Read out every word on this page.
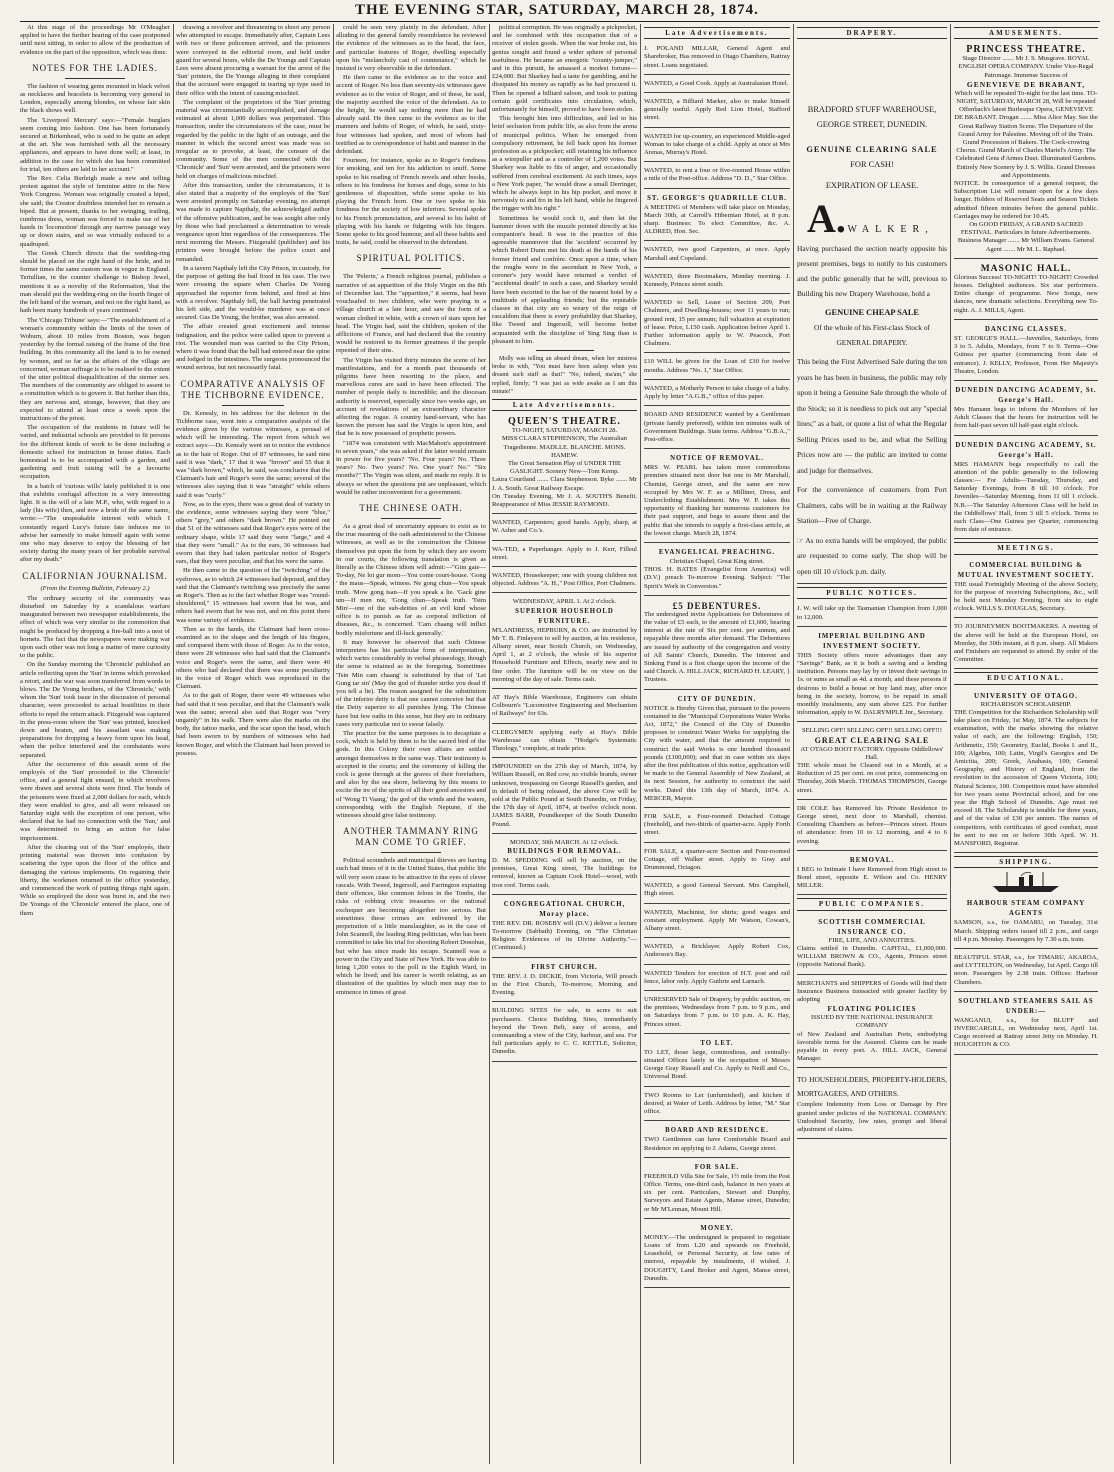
THE EVENING STAR, SATURDAY, MARCH 28, 1874.

At this stage of the proceedings Mr O'Meagher applied to have the further hearing of the case postponed until next sitting, in order to allow of the production of evidence on the part of the opposition, which was done.

NOTES FOR THE LADIES.

The fashion of wearing gems mounted in black velvet as necklaces and bracelets is becoming very general in London, especially among blondes, on whose fair skin the black shows well.

The 'Liverpool Mercury' says:—"Female burglars seem coming into fashion. One has been fortunately secured at Birkenhead, who is said to be quite an adept at the art. She was furnished with all the necessary appliances, and appears to have done well; at least, in addition to the case for which she has been committed for trial, ten others are laid to her account."

The Rev. Celia Burleigh made a new and telling protest against the style of feminine attire in the New York Congress. Woman was originally created a biped, she said; the Creator doubtless intended her to remain a biped. But at present, thanks to her swinging, trailing, cumbrous dress, woman was forced to make use of her hands in 'locomotion' through any narrow passage way up or down stairs, and so was virtually reduced to a quadruped.

The Greek Church directs that the wedding-ring should be placed on the right hand of the bride, and in former times the same custom was in vogue in England. Tertullian, in the counter challenge to Bishop Jewel, mentions it as a novelty of the Reformation, 'that the man should put the wedding-ring on the fourth finger of the left hand of the woman, and not on the right hand, as hath been many hundreds of years continued.'

The 'Chicago Tribune' says:—"The establishment of a woman's community within the limits of the town of Woburn, about 10 miles from Boston, was begun yesterday by the formal raising of the frame of the first building. In this community all the land is to be owned by women, and so far as the affairs of the village are concerned, woman suffrage is to be realised to the extent of the utter political disqualification of the sterner sex. The members of the community are obliged to assent to a constitution which is to govern it. But further than this, they are nervous and, strange, however, that they are expected to attend at least once a week upon the instructions of the priest.

The occupation of the residents in future will be varied, and industrial schools are provided to fit persons for the different kinds of work to be done including a domestic school for instruction in house duties. Each homestead is to be accompanied with a garden, and gardening and fruit raising will be a favourite occupation.

In a batch of 'curious wills' lately published it is one that exhibits confugal affection in a very interesting light. It is the will of a late M.P., who, with regard to a lady (his wife) then, and now a bride of the same name, wrote:—"The unspeakable interest with which I constantly regard Lucy's future fate induces me to advise her earnestly to make himself again with some one who may deserve to enjoy the blessing of her society during the many years of her probable survival after my death."

CALIFORNIAN JOURNALISM.
(From the Evening Bulletin, February 2.)

The ordinary security of the community was disturbed on Saturday by a scandalous warfare inaugurated between two newspaper establishments, the effect of which was very similar to the commotion that might be produced by dropping a fire-ball into a nest of hornets. The fact that the newspapers were making war upon each other was not long a matter of mere curiosity to the public.

On the Sunday morning the 'Chronicle' published an article reflecting upon the 'Sun' in terms which provoked a retort, and the war was soon transferred from words to blows. The De Young brothers, of the 'Chronicle,' with whom the 'Sun' took issue in the discussion of personal character, were proceeded to actual hostilities in their efforts to repel the return attack. Fitzgerald was captured in the press-room where the 'Sun' was printed, knocked down and beaten, and his assailant was making preparations for dropping a heavy form upon his head, when the police interfered and the combatants were separated.

After the occurrence of this assault some of the employés of the 'Sun' proceeded to the 'Chronicle' office, and a general fight ensued, in which revolvers were drawn and several shots were fired. The bonds of the prisoners were fixed at 2,000 dollars for each, which they were enabled to give, and all were released on Saturday night with the exception of one person, who declared that he had no connection with the 'Sun,' and was determined to bring an action for false imprisonment.

After the clearing out of the 'Sun' employés, their printing material was thrown into confusion by scattering the type upon the floor of the office and damaging the various implements. On regaining their liberty, the workmen returned to the office yesterday, and commenced the work of putting things right again. While so employed the door was burst in, and the two De Youngs of the 'Chronicle' entered the place, one of them

drawing a revolver and threatening to shoot any person who attempted to escape. Immediately after, Captain Lees with two or three policemen arrived, and the prisoners were conveyed in the editorial room, and held under guard for several hours, while the De Youngs and Captain Lees were absent procuring a warrant for the arrest of the 'Sun' printers, the De Youngs alleging in their complaint that the accused were engaged in tearing up type used in their office with the intent of causing mischief.

The complaint of the proprietors of the 'Sun' printing material was circumstantially accomplished, and damage estimated at about 1,000 dollars was perpetrated. This transaction, under the circumstances of the case, must be regarded by the public in the light of an outrage, and the manner in which the second arrest was made was so irregular as to provoke, at least, the censure of the community. Some of the men connected with the 'Chronicle' and 'Sun' were arrested, and the prisoners were held on charges of malicious mischief.

After this transaction, under the circumstances, it is also stated that a majority of the employés of the 'Sun' were arrested promptly on Saturday evening, no attempt was made to capture Napthaly, the acknowledged author of the offensive publication, and he was sought after only by those who had proclaimed a determination to wreak vengeance upon him regardless of the consequences. The next morning the Messrs. Fitzgerald (publisher) and his printers were brought before the police court and remanded.

In a tavern Napthaly left the City Prison, in custody, for the purpose of getting the bail fixed in his case. The two were crossing the square when Charles De Young approached the reporter from behind, and fired at him with a revolver. Napthaly fell, the ball having penetrated his left side, and the would-be murderer was at once secured. Gus De Young, the brother, was also arrested.

The affair created great excitement and intense indignation, and the police were called upon to prevent a riot. The wounded man was carried to the City Prison, where it was found that the ball had entered near the spine and lodged in the intestines. The surgeons pronounced the wound serious, but not necessarily fatal.

COMPARATIVE ANALYSIS OF THE TICHBORNE EVIDENCE.

Dr. Kenealy, in his address for the defence in the Tichborne case, went into a comparative analysis of the evidence given by the various witnesses, a perusal of which will be interesting. The report from which we extract says:—Dr. Kenealy went on to notice the evidence as to the hair of Roger. Out of 87 witnesses, he said nine said it was "dark," 17 that it was "brown" and 55 that it was "dark brown," which, he said, was conclusive that the Claimant's hair and Roger's were the same; several of the witnesses also saying that it was "straight" while others said it was "curly."

Now, as to the eyes, there was a great deal of variety in the evidence, some witnesses saying they were "blue," others "grey," and others "dark brown." He pointed out that 51 of the witnesses said that Roger's eyes were of the ordinary shape, while 17 said they were "large," and 4 that they were "small." As to the ears, 36 witnesses had sworn that they had taken particular notice of Roger's ears, that they were peculiar, and that his were the same.

He then came to the question of the "twitching" of the eyebrows, as to which 24 witnesses had deposed, and they said that the Claimant's twitching was precisely the same as Roger's. Then as to the fact whether Roger was "round-shouldered," 15 witnesses had sworn that he was, and others had sworn that he was not, and on this point there was some variety of evidence.

Then as to the hands, the Claimant had been cross-examined as to the shape and the length of his fingers, and compared them with those of Roger. As to the voice, there were 28 witnesses who had said that the Claimant's voice and Roger's were the same, and there were 40 others who had declared that there was some peculiarity in the voice of Roger which was reproduced in the Claimant.

As to the gait of Roger, there were 49 witnesses who had said that it was peculiar, and that the Claimant's walk was the same; several also said that Roger was "very ungainly" in his walk. There were also the marks on the body, the tattoo marks, and the scar upon the head, which had been sworn to by numbers of witnesses who had known Roger, and which the Claimant had been proved to possess.

could be seen very plainly in the defendant. After alluding to the general family resemblance he reviewed the evidence of the witnesses as to the head, the face, and particular features of Roger, dwelling especially upon his "melancholy cast of countenance," which he insisted is very observable in the defendant.

He then came to the evidence as to the voice and accent of Roger. No less than seventy-six witnesses gave evidence as to the voice of Roger, and of these, he said, the majority ascribed the voice of the defendant. As to the height, he would say nothing more than he had already said. He then came to the evidence as to the manners and habits of Roger, of which, he said, sixty-four witnesses had spoken, and most of whom had testified as to correspondence of habit and manner in the defendant.

Fourteen, for instance, spoke as to Roger's fondness for smoking, and ten for his addiction to snuff. Some spoke to his reading of French novels and other books, others to his fondness for horses and dogs, some to his gentleness of disposition, while some spoke to his playing the French horn. One or two spoke to his fondness for the society of low inferiors. Several spoke to his French pronunciation, and several to his habit of playing with his hands or fidgeting with his fingers. Some spoke to his good humour, and all these habits and traits, he said, could be observed in the defendant.

SPIRITUAL POLITICS.

The 'Pelerin,' a French religious journal, publishes a narrative of an apparition of the Holy Virgin on the 8th of December last. The "apparition," it seems, had been vouchsafed to two children, who were praying in a village church at a late hour, and saw the form of a woman clothed in white, with a crown of stars upon her head. The Virgin had, said the children, spoken of the afflictions of France, and had declared that the country would be restored to its former greatness if the people repented of their sins.

The Virgin has visited thirty minutes the scene of her manifestations, and for a month past thousands of pilgrims have been resorting to the place, and marvellous cures are said to have been effected. The number of people daily is incredible; and the diocesan authority is reserved, especially since two weeks ago, an account of revelations of an extraordinary character affecting the rogue. A country hand-servant, who has known the person has said the Virgin is upon him, and that he is now possessed of prophetic powers.

"1874 was consistent with MacMahon's appointment to seven years," she was asked if the latter would remain in power for five years? "No. Four years? No. Three years? No. Two years? No. One year? No." "Six months?" The Virgin was silent, and made no reply. It is always so when the questions put are unpleasant, which would be rather inconvenient for a government.

THE CHINESE OATH.

As a great deal of uncertainty appears to exist as to the true meaning of the oath administered to the Chinese witnesses, as well as to the construction the Chinese themselves put upon the form by which they are sworn in our courts, the following translation is given as literally as the Chinese idiom will admit:—"Gim gaie—To-day, Ne loi gur mom—You come court-house. 'Gong ' the maus—Speak, witness. Ne gong chun—You speak truth. 'Mow gong tsan—If you speak a lie. 'Gack gine um—If men not, 'Gong chun—Speak truth. 'Tsim Min'—one of the sub-deities of an evil kind whose office is to punish as far as corporal infliction of diseases, &c., is concerned. 'Cam chaang will inflict bodily misfortune and ill-luck generally.'

It may however be observed that such Chinese interpreters has his particular form of interpretation, which varies considerably in verbal phraseology, though the sense is retained as in the foregoing. Sometimes 'Tsin Min cam chaang' is substituted by that of 'Lei Gung tar sin' (May the god of thunder strike you dead if you tell a lie). The reason assigned for the substitution of the inferior deity is that one cannot conceive but that the Deity superior to all punishes lying. The Chinese have but few oaths in this sense, but they are in ordinary cases very particular not to swear falsely.

The practice for the same purposes is to decapitate a cock, which is held by them to be the sacred bird of the gods. In this Colony their own affairs are settled amongst themselves in the same way. Their testimony is accepted in the courts; and the ceremony of killing the cock is gone through at the graves of their forefathers, and also by the sea shore, believing by this means to excite the ire of the spirits of all their good ancestors and of 'Wong Ti Vaang,' the god of the winds and the waters, corresponding with the English Neptune, if the witnesses should give false testimony.

ANOTHER TAMMANY RING MAN COME TO GRIEF.

Political scoundrels and municipal thieves are having such bad times of it in the United States, that public life will very soon cease to be attractive in the eyes of clever rascals. With Tweed, Ingersoll, and Farrington expiating their offences, like common felons in the Tombs, the risks of robbing civic treasuries or the national exchequer are becoming altogether too serious. But sometimes these crimes are enlivened by the perpetration of a little manslaughter, as in the case of John Scannell, the leading Ring politician, who has been committed to take his trial for shooting Robert Donohue, but who has since made his escape. Scannell was a power in the City and State of New York. He was able to bring 1,200 votes to the poll in the Eighth Ward, in which he lived; and his career is worth relating, as an illustration of the qualities by which men may rise to eminence in times of great

political corruption. He was originally a pickpocket, and he combined with this occupation that of a receiver of stolen goods. When the war broke out, his genius sought and found a wider sphere of personal usefulness. He became an energetic "county-jumper," and in this pursuit, he amassed a modest fortune—£24,000. But Sharkey had a taste for gambling, and he dissipated his money as rapidly as he had procured it. Then he opened a billiard saloon, and took to putting certain gold certificates into circulation, which, unfortunately for himself, proved to have been stolen.

This brought him into difficulties, and led to his brief seclusion from public life, as also from the arena of municipal politics. When he emerged from compulsory retirement, he fell back upon his former profession as a pickpocket; still retaining his influence as a wirepuller and as a controller of 1,200 votes. But Sharkey was liable to fits of anger, and occasionally suffered from cerebral excitement. At such times, says a New York paper, "he would draw a small Derringer, which he always kept in his hip pocket, and move it nervously to and fro in his left hand, while he fingered the trigger with his right."

Sometimes he would cock it, and then let the hammer down with the muzzle pointed directly at his companion's head. It was in the practice of this agreeable manœuvre that the 'accident' occurred by which Robert Dunn met his death at the hands of his former friend and confrère. Once upon a time, when the roughs were in the ascendant in New York, a coroner's jury would have returned a verdict of "accidental death" in such a case, and Sharkey would have been escorted to the bar of the nearest hotel by a multitude of applauding friends; but the reputable classes in that city are so weary of the reign of rascaldom that there is every probability that Sharkey, like Tweed and Ingersoll, will become better acquainted with the discipline of Sing Sing than is pleasant to him.

Molly was telling an absurd dream, when her mistress broke in with, "You must have been asleep when you dreamt such stuff as that!" "No, indeed, ma'am," she replied, firmly; "I was just as wide awake as I am this minute!"

Late Advertisements.
QUEEN'S THEATRE.
TO-NIGHT, SATURDAY, MARCH 28.
MISS CLARA STEPHENSON, The Australian Tragedienne. MADLLE. BLANCHE. MONS. HAMEW.
The Great Sensation Play of UNDER THE GASLIGHT. Scenery New—Tom Kemp.
Laura Courtland ....... Clara Stephenson. Byke ....... Mr J. A. South. Great Railway Escape.
On Tuesday Evening, Mr J. A. SOUTH'S Benefit. Reappearance of Miss JESSIE RAYMOND.
WANTED, Carpenters; good hands. Apply, sharp, at W. Asher and Co.'s.
WA-TED, a Paperhanger. Apply to J. Kerr, Filleul street.
WANTED, Housekeeper; one with young children not objected. Address "A. H.," Post Office, Port Chalmers.
WEDNESDAY, APRIL 1. At 2 o'clock.
SUPERIOR HOUSEHOLD FURNITURE.
M'LANDRESS, HEPBURN, & CO. are instructed by Mr T. B. Finlayson to sell by auction, at his residence, Albany street, near Scotch Church, on Wednesday, April 1, at 2 o'clock, the whole of his superior Household Furniture and Effects, nearly new and in fine order. The furniture will be on view on the morning of the day of sale. Terms cash.
AT Hay's Bible Warehouse, Engineers can obtain Colbourn's "Locomotive Engineering and Mechanism of Railways" for 63s.
CLERGYMEN applying early at Hay's Bible Warehouse can obtain "Hodge's Systematic Theology," complete, at trade price.
IMPOUNDED on the 27th day of March, 1874, by William Russell, on Red cow, no visible brands, owner unknown, trespassing on George Russell's garden, and in default of being released, the above Cow will be sold at the Public Pound at South Dunedin, on Friday, the 17th day of April, 1874, at twelve o'clock noon. JAMES BARR, Poundkeeper of the South Dunedin Pound.
MONDAY, 30th MARCH. At 12 o'clock.
BUILDINGS FOR REMOVAL.
D. M. SPEDDING will sell by auction, on the premises, Great King street, The buildings for removal, known as Captain Cook Hotel—wood, with iron roof. Terms cash.
CONGREGATIONAL CHURCH, Moray place.
THE REV. DR. ROSEBY will (D.V.) deliver a lecture To-morrow (Sabbath) Evening, on "The Christian Religion: Evidences of its Divine Authority."—(Continued.)
FIRST CHURCH.
THE REV. J. D. DICKIE, from Victoria, Will preach in the First Church, To-morrow, Morning and Evening.
BUILDING SITES for sale, in acres to suit purchasers. Choice Building Sites, immediately beyond the Town Belt, easy of access, and commanding a view of the City, harbour, and sea. For full particulars apply to C. C. KETTLE, Solicitor, Dunedin.
Late Advertisements.
J. POLAND MILLAR, General Agent and Sharebroker, Has removed to Otago Chambers, Rattray street. Loans negotiated.
WANTED, a Good Cook. Apply at Australasian Hotel.
WANTED, a Billiard Marker, also to make himself generally useful. Apply Red Lion Hotel, Stafford street.
WANTED for up-country, an experienced Middle-aged Woman to take charge of a child. Apply at once at Mrs Arenas, Murray's Hotel.
WANTED, to rent a four or five-roomed House within a mile of the Post-office. Address "D. D.," Star Office.
ST. GEORGE'S QUADRILLE CLUB.
A MEETING of Members will take place on Monday, March 30th, at Carroll's Hibernian Hotel, at 8 p.m. sharp. Business: To elect Committee, &c. A. ALDRED, Hon. Sec.
WANTED, two good Carpenters, at once. Apply Marshall and Copeland.
WANTED, three Bootmakers, Monday morning. J. Kennedy, Princes street south.
WANTED to Sell, Lease of Section 209, Port Chalmers, and Dwelling-houses; over 11 years to run; ground rent, 15 per annum; full valuation at expiration of lease. Price, L150 cash. Application before April 1. Further information apply to W. Peacock, Port Chalmers.
£10 WILL be given for the Loan of £30 for twelve months. Address "No. 1," Star Office.
WANTED, a Motherly Person to take charge of a baby. Apply by letter "A.G.B.," office of this paper.
BOARD AND RESIDENCE wanted by a Gentleman (private family preferred), within ten minutes walk of Government Buildings. State terms. Address "G.B.A.," Post-office.
NOTICE OF REMOVAL.
MRS W. PEARL has taken more commodious premises situated next door but one to Mr Marshall, Chemist, George street, and the same are now occupied by Mrs W. F. as a Milliner, Dress, and Underclothing Establishment. Mrs W. P. takes this opportunity of thanking her numerous customers for their past support, and begs to assure them and the public that she intends to supply a first-class article, at the lowest charge. March 28, 1874.
EVANGELICAL PREACHING.
Christian Chapel, Great King street.
THOS. H. BATES (Evangelist from America) will (D.V.) preach To-morrow Evening. Subject: "The Spirit's Work in Conversion."
£5 DEBENTURES.
The undersigned invite Applications for Debentures of the value of £5 each, to the amount of £1,600, bearing interest at the rate of Six per cent. per annum, and repayable three months after demand. The Debentures are issued by authority of the congregation and vestry of All Saints' Church, Dunedin. The Interest and Sinking Fund is a first charge upon the income of the said Church. A. HILL JACK, RICHARD H. LEARY, } Trustees.
CITY OF DUNEDIN.
NOTICE is Hereby Given that, pursuant to the powers contained in the "Municipal Corporations Water Works Act, 1872," the Council of the City of Dunedin proposes to construct Water Works for supplying the City with water, and that the amount required to construct the said Works is one hundred thousand pounds (£100,000); and that in case within six days after the first publication of this notice, application will be made to the General Assembly of New Zealand, at its next Session, for authority to construct the said works. Dated this 13th day of March, 1874. A. MERCER, Mayor.
FOR SALE, a Four-roomed Detached Cottage (freehold), and two-thirds of quarter-acre. Apply Forth street.
FOR SALE, a quarter-acre Section and Four-roomed Cottage, off Walker street. Apply to Gray and Drummond, Octagon.
WANTED, a good General Servant. Mrs Campbell, High street.
WANTED, Machinist, for shirts; good wages and constant employment. Apply Mr Watson, Cowan's, Albany street.
WANTED, a Bricklayer. Apply Robert Cox, Anderson's Bay.
WANTED Tenders for erection of H.T. post and rail fence, labor only. Apply Guthrie and Larnach.
UNRESERVED Sale of Drapery, by public auction, on the premises, Wednesdays from 7 p.m. to 9 p.m., and on Saturdays from 7 p.m. to 10 p.m. A. K. Hay, Princes street.
TO LET.
TO LET, those large, commodious, and centrally-situated Offices lately in the occupation of Messrs George Gray Russell and Co. Apply to Neill and Co., Universal Bond.
TWO Rooms to Let (unfurnished), and kitchen if desired, at Water of Leith. Address by letter, "M." Star office.
BOARD AND RESIDENCE.
TWO Gentlemen can have Comfortable Board and Residence on applying to J. Adams, George street.
FOR SALE.
FREEHOLD Villa Site for Sale, 1½ mile from the Post Office. Terms, one-third cash, balance in two years at six per cent. Particulars, Stewart and Dunphy, Surveyors and Estate Agents, Manse street, Dunedin; or Mr M'Lennan, Mount Hill.
MONEY.
MONEY.—The undersigned is prepared to negotiate Loans of from L20 and upwards on Freehold, Leasehold, or Personal Security, at low rates of interest, repayable by instalments, if wished. J. DOUGHTY, Land Broker and Agent, Manse street, Dunedin.
DRAPERY.
BRADFORD STUFF WAREHOUSE,
GEORGE STREET, DUNEDIN.
GENUINE CLEARING SALE
FOR CASH!
EXPIRATION OF LEASE.
A. WALKER,
Having purchased the section nearly opposite his present premises, begs to notify to his customers and the public generally that he will, previous to Building his new Drapery Warehouse, hold a
GENUINE CHEAP SALE
Of the whole of his First-class Stock of GENERAL DRAPERY.
This being the First Advertised Sale during the ten years he has been in business, the public may rely upon it being a Genuine Sale through the whole of the Stock; so it is needless to pick out any "special lines;" as a bait, or quote a list of what the Regular Selling Prices used to be, and what the Selling Prices now are — the public are invited to come and judge for themselves.
For the convenience of customers from Port Chalmers, cabs will be in waiting at the Railway Station—Free of Charge.
☞ As no extra hands will be employed, the public are requested to come early. The shop will be open till 10 o'clock p.m. daily.
PUBLIC NOTICES.
J. W. will take up the Tasmanian Champion from 1,000 to 12,000.
IMPERIAL BUILDING AND INVESTMENT SOCIETY.
THIS Society offers more advantages than any "Savings" Bank, as it is both a saving and a lending institution. Persons may lay by or invest their savings in 1s. or sums as small as 4d. a month, and these persons if desirous to build a house or buy land may, after once being in the society, borrow, to be repaid in small monthly instalments, any sum above £25. For further information, apply to W. DALRYMPLE Jnr., Secretary.
SELLING OFF! SELLING OFF!! SELLING OFF!!!
GREAT CLEARING SALE
AT OTAGO BOOT FACTORY. Opposite Oddfellows' Hall.
THE whole must be Cleared out in a Month, at a Reduction of 25 per cent. on cost price, commencing on Thursday, 26th March. THOMAS THOMPSON, George street.
DR COLE has Removed his Private Residence to George street, next door to Marshall, chemist. Consulting Chambers as before—Princes street. Hours of attendance: from 10 to 12 morning, and 4 to 6 evening.
REMOVAL.
I BEG to Intimate I have Removed from High street to Bond street, opposite E. Wilson and Co. HENRY MILLER.
PUBLIC COMPANIES.
SCOTTISH COMMERCIAL INSURANCE CO.
FIRE, LIFE, AND ANNUITIES.
Claims settled in Dunedin. CAPITAL, £1,000,000. WILLIAM BROWN & CO., Agents, Princes street (opposite National Bank).
MERCHANTS and SHIPPERS of Goods will find their Insurance Business transacted with greater facility by adopting
FLOATING POLICIES
ISSUED BY THE NATIONAL INSURANCE COMPANY
of New Zealand and Australian Ports, embodying favorable terms for the Assured. Claims can be made payable in every port. A. HILL JACK, General Manager.
TO HOUSEHOLDERS, PROPERTY-HOLDERS, MORTGAGEES, AND OTHERS.
Complete Indemnity from Loss or Damage by Fire granted under policies of the NATIONAL COMPANY. Undoubted Security, low rates, prompt and liberal adjustment of claims.
AMUSEMENTS.
PRINCESS THEATRE.
Stage Director ....... Mr J. S. Musgrave. ROYAL ENGLISH OPERA COMPANY. Under Vice-Regal Patronage. Immense Success of
GENEVIEVE DE BRABANT,
Which will be repeated To-night for the last time. TO-NIGHT, SATURDAY, MARCH 28, Will be repeated Offenbach's latest Burlesque Opera, GENEVIEVE DE BRABANT. Drogan ....... Miss Alice May. See the Great Railway Station Scene. The Departure of the Grand Army for Palestine. Moving off of the Train. Grand Procession of Bakers. The Cock-crowing Chorus. Grand March of Charles Martel's Army. The Celebrated Gens d'Armes Duet. Illuminated Gardens. Entirely New Scenery by J. S. Willis. Grand Dresses and Appointments.
NOTICE. In consequence of a general request, the Subscription List will remain open for a few days longer. Holders of Reserved Seats and Season Tickets admitted fifteen minutes before the general public. Carriages may be ordered for 10.45.
On GOOD FRIDAY, A GRAND SACRED FESTIVAL. Particulars in future Advertisements. Business Manager ....... Mr William Evans. General Agent ....... Mr M. L. Raphael.
MASONIC HALL.
Glorious Success! TO-NIGHT! TO-NIGHT! Crowded houses. Delighted audiences. Six star performers. Entire change of programme. New Songs, new dances, new dramatic selections. Everything new To-night. A. J. MILLS, Agent.
DANCING CLASSES.
ST. GEORGE'S HALL.—Juveniles, Saturdays, from 3 to 5. Adults, Mondays, from 7 to 9. Terms—One Guinea per quarter (commencing from date of entrance). J. KELLY, Professor, From Her Majesty's Theatre, London.
DUNEDIN DANCING ACADEMY, St. George's Hall.
Mrs Hamann begs to inform the Members of her Adult Classes that the hours for instruction will be from half-past seven till half-past eight o'clock.
DUNEDIN DANCING ACADEMY, St. George's Hall.
MRS HAMANN begs respectfully to call the attention of the public generally to the following classes:— For Adults—Tuesday, Thursday, and Saturday Evenings, from 8 till 10 o'clock. For Juveniles—Saturday Morning, from 11 till 1 o'clock. N.B.—The Saturday Afternoon Class will be held in the Oddfellows' Hall, from 3 till 5 o'clock. Terms to each Class—One Guinea per Quarter, commencing from date of entrance.
MEETINGS.
COMMERCIAL BUILDING & MUTUAL INVESTMENT SOCIETY.
THE usual Fortnightly Meeting of the above Society, for the purpose of receiving Subscriptions, &c., will be held next Monday Evening, from six to eight o'clock. WILLS S. DOUGLAS, Secretary.
TO JOURNEYMEN BOOTMAKERS. A meeting of the above will be held at the European Hotel, on Monday, the 30th instant, at 8 p.m. sharp. All Makers and Finishers are requested to attend. By order of the Committee.
EDUCATIONAL.
UNIVERSITY OF OTAGO.
RICHARDSON SCHOLARSHIP.
THE Competition for the Richardson Scholarship will take place on Friday, 1st May, 1874. The subjects for examination, with the marks showing the relative value of each, are the following: English, 150; Arithmetic, 150; Geometry, Euclid, Books I. and II., 100; Algebra, 100; Latin, Virgil's Georgics and De Amicitia, 200; Greek, Anabasis, 100; General Geography, and History of England, from the revolution to the accession of Queen Victoria, 100; Natural Science, 100. Competitors must have attended for two years some Provincial school, and for one year the High School of Dunedin. Age must not exceed 18. The Scholarship is tenable for three years, and of the value of £30 per annum. The names of competitors, with certificates of good conduct, must be sent to me on or before 30th April. W. H. MANSFORD, Registrar.
SHIPPING.
HARBOUR STEAM COMPANY AGENTS
SAMSON, s.s., for OAMARU, on Tuesday, 31st March. Shipping orders issued till 2 p.m., and cargo till 4 p.m. Monday. Passengers by 7.30 a.m. train.
BEAUTIFUL STAR, s.s., for TIMARU, AKAROA, and LYTTELTON, on Wednesday, 1st April. Cargo till noon. Passengers by 2.38 train. Offices: Harbour Chambers.
SOUTHLAND STEAMERS SAIL AS UNDER:—
WANGANUI, s.s., for BLUFF and INVERCARGILL, on Wednesday next, April 1st. Cargo received at Rattray street Jetty on Monday. H. HOUGHTON & CO.
